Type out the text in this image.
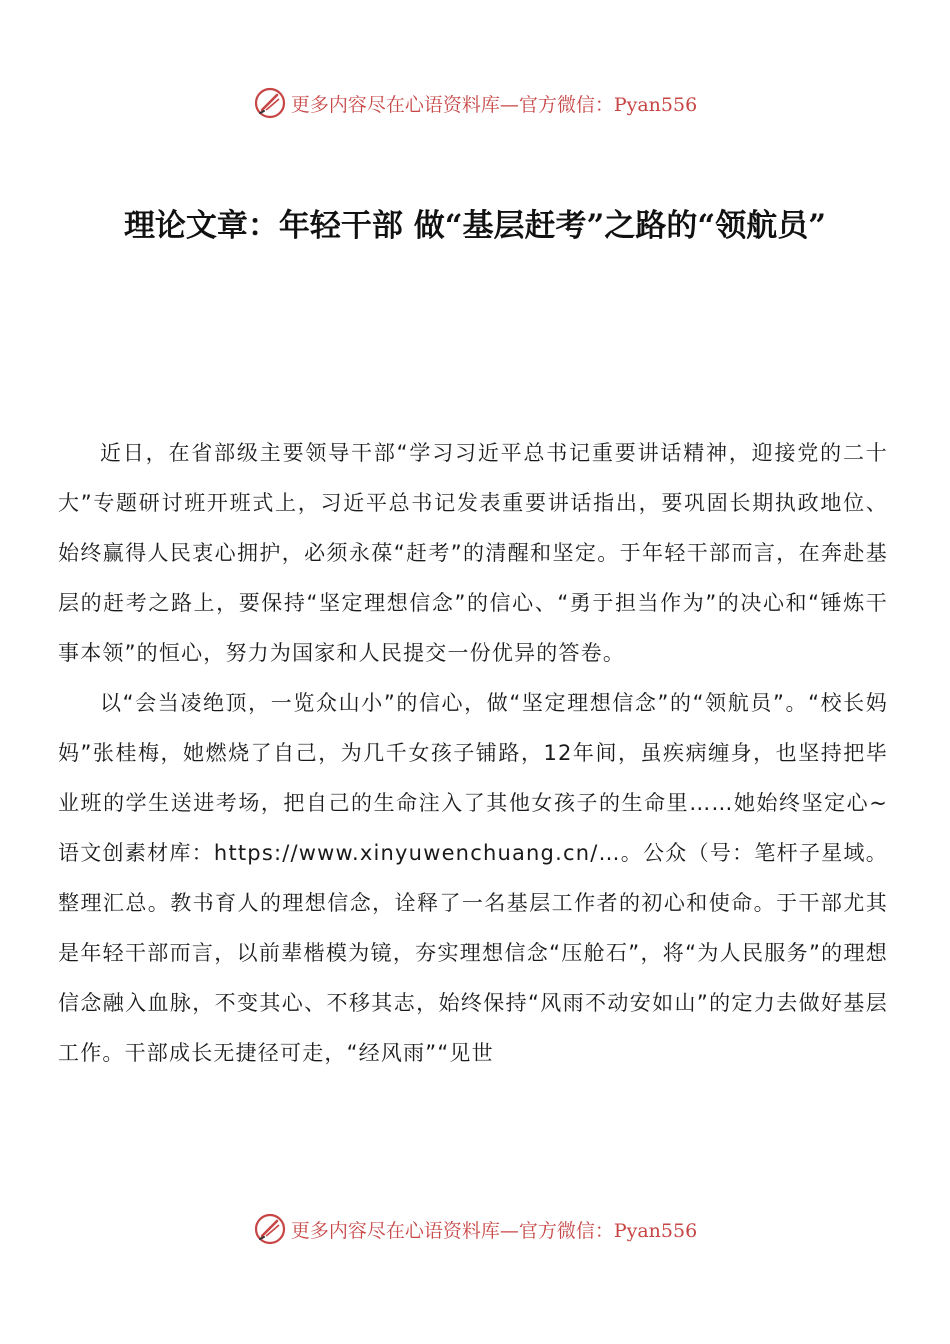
更多内容尽在心语资料库—官方微信：Pyan556
理论文章：年轻干部 做“基层赶考”之路的“领航员”

近日，在省部级主要领导干部“学习习近平总书记重要讲话精神，迎接党的二十大”专题研讨班开班式上，习近平总书记发表重要讲话指出，要巩固长期执政地位、始终赢得人民衷心拥护，必须永葆“赶考”的清醒和坚定。于年轻干部而言，在奔赴基层的赶考之路上，要保持“坚定理想信念”的信心、“勇于担当作为”的决心和“锤炼干事本领”的恒心，努力为国家和人民提交一份优异的答卷。

以“会当凌绝顶，一览众山小”的信心，做“坚定理想信念”的“领航员”。“校长妈妈”张桂梅，她燃烧了自己，为几千女孩子铺路，12年间，虽疾病缠身，也坚持把毕业班的学生送进考场，把自己的生命注入了其他女孩子的生命里……她始终坚定心~语文创素材库：https://www.xinyuwenchuang.cn/…。公众（号：笔杆子星域。整理汇总。教书育人的理想信念，诠释了一名基层工作者的初心和使命。于干部尤其是年轻干部而言，以前辈楷模为镜，夯实理想信念“压舱石”，将“为人民服务”的理想信念融入血脉，不变其心、不移其志，始终保持“风雨不动安如山”的定力去做好基层工作。干部成长无捷径可走，“经风雨”“见世

更多内容尽在心语资料库—官方微信：Pyan556
